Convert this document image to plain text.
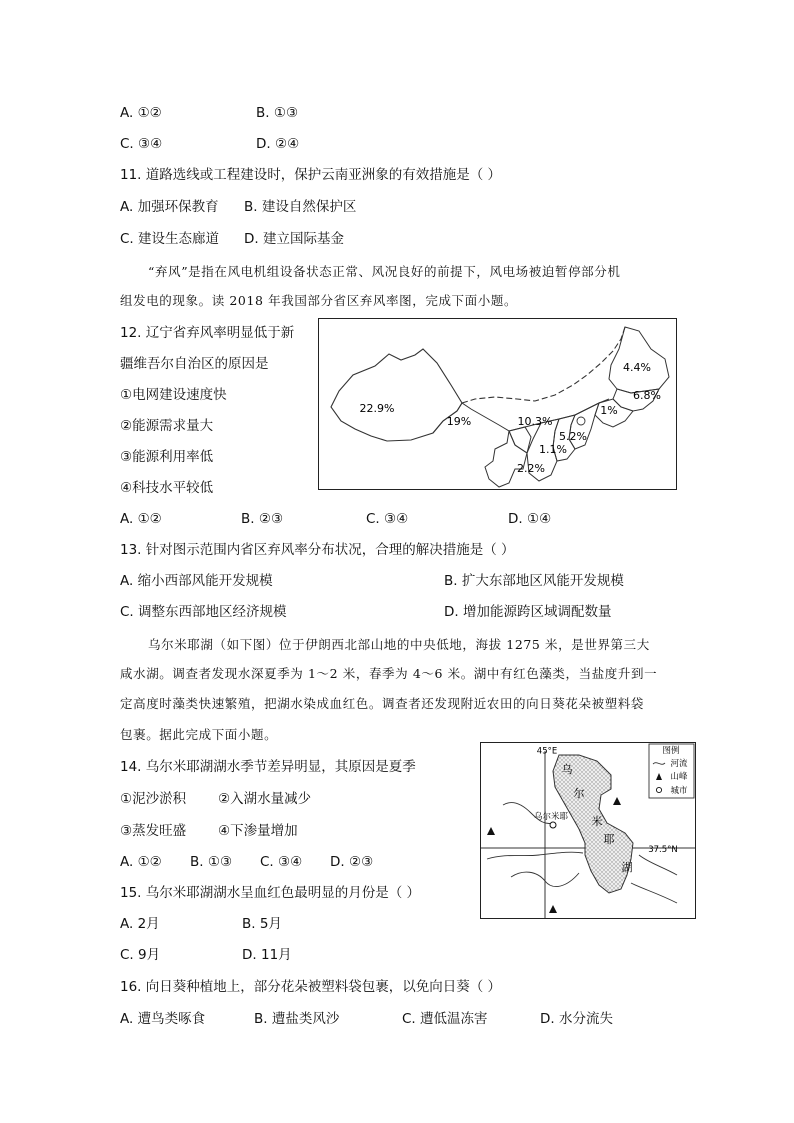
A. ①②	B. ①③
C. ③④	D. ②④
11. 道路选线或工程建设时，保护云南亚洲象的有效措施是（ ）
A. 加强环保教育 B. 建设自然保护区
C. 建设生态廊道 D. 建立国际基金
“弃风”是指在风电机组设备状态正常、风况良好的前提下，风电场被迫暂停部分机
组发电的现象。读 2018 年我国部分省区弃风率图，完成下面小题。
12. 辽宁省弃风率明显低于新
疆维吾尔自治区的原因是
①电网建设速度快
②能源需求量大
③能源利用率低
④科技水平较低
A. ①②	B. ②③	C. ③④	D. ①④
22.9%
19%	10.3%
4.4%
6.8%
1%
5.2%
1.1%
2.2%
13. 针对图示范围内省区弃风率分布状况，合理的解决措施是（ ）
A. 缩小西部风能开发规模	B. 扩大东部地区风能开发规模
C. 调整东西部地区经济规模	D. 增加能源跨区域调配数量
乌尔米耶湖（如下图）位于伊朗西北部山地的中央低地，海拔 1275 米，是世界第三大
咸水湖。调查者发现水深夏季为 1～2 米，春季为 4～6 米。湖中有红色藻类，当盐度升到一
定高度时藻类快速繁殖，把湖水染成血红色。调查者还发现附近农田的向日葵花朵被塑料袋
包裹。据此完成下面小题。
14. 乌尔米耶湖湖水季节差异明显，其原因是夏季
①泥沙淤积 ②入湖水量减少
③蒸发旺盛 ④下渗量增加
A. ①② B. ①③ C. ③④ D. ②③
45°E
37.5°N
乌尔米耶
乌
尔
米
耶
湖
图例
河流
山峰
城市
15. 乌尔米耶湖湖水呈血红色最明显的月份是（ ）
A. 2月	B. 5月
C. 9月	D. 11月
16. 向日葵种植地上，部分花朵被塑料袋包裹，以免向日葵（ ）
A. 遭鸟类啄食	B. 遭盐类风沙	C. 遭低温冻害	D. 水分流失
